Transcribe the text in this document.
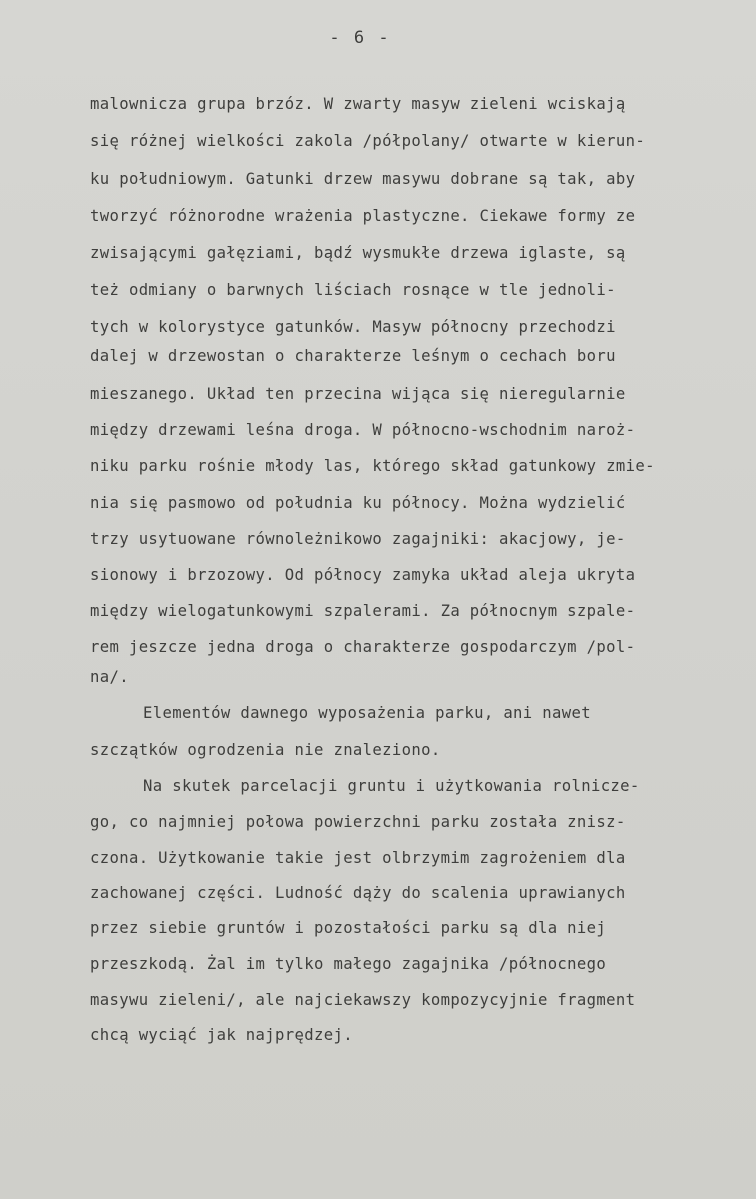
- 6 -
malownicza grupa brzóz. W zwarty masyw zieleni wciskają
się różnej wielkości zakola /półpolany/ otwarte w kierun-
ku południowym. Gatunki drzew masywu dobrane są tak, aby
tworzyć różnorodne wrażenia plastyczne. Ciekawe formy ze
zwisającymi gałęziami, bądź wysmukłe drzewa iglaste, są
też odmiany o barwnych liściach rosnące w tle jednoli-
tych w kolorystyce gatunków. Masyw północny przechodzi
dalej w drzewostan o charakterze leśnym o cechach boru
mieszanego. Układ ten przecina wijąca się nieregularnie
między drzewami leśna droga. W północno-wschodnim naroż-
niku parku rośnie młody las, którego skład gatunkowy zmie-
nia się pasmowo od południa ku północy. Można wydzielić
trzy usytuowane równoleżnikowo zagajniki: akacjowy, je-
sionowy i brzozowy. Od północy zamyka układ aleja ukryta
między wielogatunkowymi szpalerami. Za północnym szpale-
rem jeszcze jedna droga o charakterze gospodarczym /pol-
na/.
Elementów dawnego wyposażenia parku, ani nawet
szczątków ogrodzenia nie znaleziono.
Na skutek parcelacji gruntu i użytkowania rolnicze-
go, co najmniej połowa powierzchni parku została znisz-
czona. Użytkowanie takie jest olbrzymim zagrożeniem dla
zachowanej części. Ludność dąży do scalenia uprawianych
przez siebie gruntów i pozostałości parku są dla niej
przeszkodą. Żal im tylko małego zagajnika /północnego
masywu zieleni/, ale najciekawszy kompozycyjnie fragment
chcą wyciąć jak najprędzej.
